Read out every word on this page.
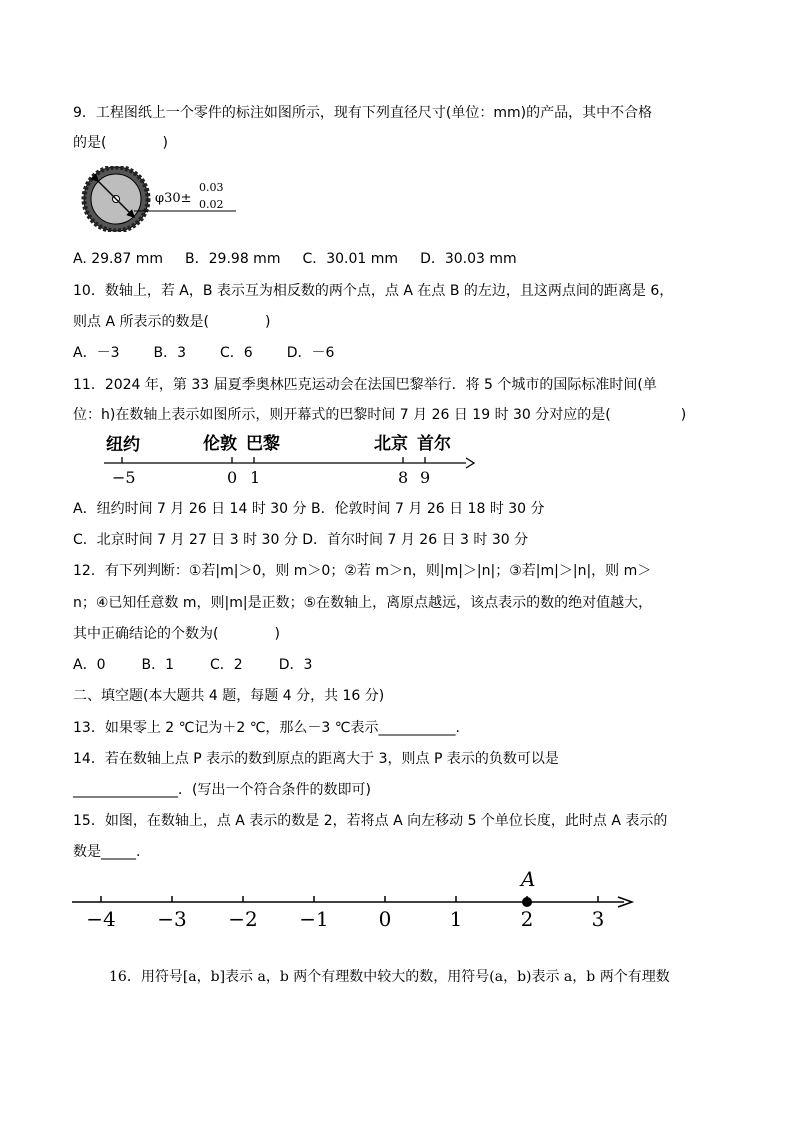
9．工程图纸上一个零件的标注如图所示，现有下列直径尺寸(单位：mm)的产品，其中不合格
的是(　　　　)
φ30±
0.03
0.02
A. 29.87 mm B．29.98 mm C．30.01 mm D．30.03 mm
10．数轴上，若 A，B 表示互为相反数的两个点，点 A 在点 B 的左边，且这两点间的距离是 6，
则点 A 所表示的数是(　　　　)
A．－3 B．3 C．6 D．－6
11．2024 年，第 33 届夏季奥林匹克运动会在法国巴黎举行．将 5 个城市的国际标准时间(单
位：h)在数轴上表示如图所示，则开幕式的巴黎时间 7 月 26 日 19 时 30 分对应的是(　　　　　)
纽约	伦敦 巴黎	北京 首尔
−5	0 1	8 9
A．纽约时间 7 月 26 日 14 时 30 分 B．伦敦时间 7 月 26 日 18 时 30 分
C．北京时间 7 月 27 日 3 时 30 分 D．首尔时间 7 月 26 日 3 时 30 分
12．有下列判断：①若|m|＞0，则 m＞0；②若 m＞n，则|m|＞|n|；③若|m|＞|n|，则 m＞
n；④已知任意数 m，则|m|是正数；⑤在数轴上，离原点越远，该点表示的数的绝对值越大，
其中正确结论的个数为(　　　　)
A．0	B．1	C．2	D．3
二、填空题(本大题共 4 题，每题 4 分，共 16 分)
13．如果零上 2 ℃记为＋2 ℃，那么－3 ℃表示___________.
14．若在数轴上点 P 表示的数到原点的距离大于 3，则点 P 表示的负数可以是
_______________．(写出一个符合条件的数即可)
15．如图，在数轴上，点 A 表示的数是 2，若将点 A 向左移动 5 个单位长度，此时点 A 表示的
数是_____.
−4 −3 −2 −1 0	1	2	3
A
16．用符号[a，b]表示 a，b 两个有理数中较大的数，用符号(a，b)表示 a，b 两个有理数
